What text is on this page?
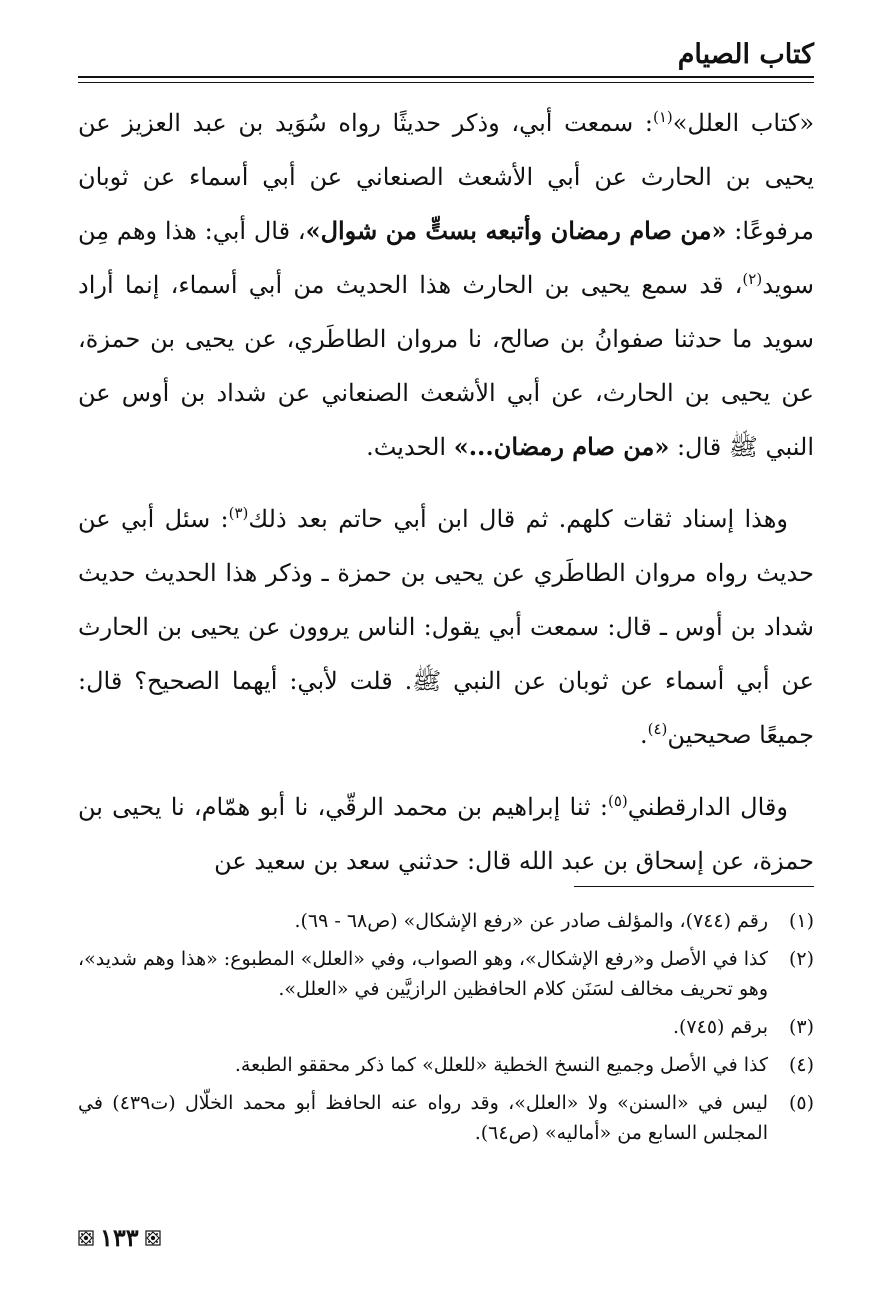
كتاب الصيام

«كتاب العلل»$^{(١)}$: سمعت أبي، وذكر حديثًا رواه سُوَيد بن عبد العزيز عن يحيى بن الحارث عن أبي الأشعث الصنعاني عن أبي أسماء عن ثوبان مرفوعًا: «من صام رمضان وأتبعه بستٍّ من شوال»، قال أبي: هذا وهم مِن سويد$^{(٢)}$، قد سمع يحيى بن الحارث هذا الحديث من أبي أسماء، إنما أراد سويد ما حدثنا صفوانُ بن صالح، نا مروان الطاطَري، عن يحيى بن حمزة، عن يحيى بن الحارث، عن أبي الأشعث الصنعاني عن شداد بن أوس عن النبي ﷺ قال: «من صام رمضان...» الحديث.

وهذا إسناد ثقات كلهم. ثم قال ابن أبي حاتم بعد ذلك$^{(٣)}$: سئل أبي عن حديث رواه مروان الطاطَري عن يحيى بن حمزة ـ وذكر هذا الحديث حديث شداد بن أوس ـ قال: سمعت أبي يقول: الناس يروون عن يحيى بن الحارث عن أبي أسماء عن ثوبان عن النبي ﷺ. قلت لأبي: أيهما الصحيح؟ قال: جميعًا صحيحين$^{(٤)}$.

وقال الدارقطني$^{(٥)}$: ثنا إبراهيم بن محمد الرقّي، نا أبو همّام، نا يحيى بن حمزة، عن إسحاق بن عبد الله قال: حدثني سعد بن سعيد عن

(١)
رقم (٧٤٤)، والمؤلف صادر عن «رفع الإشكال» (ص٦٨ - ٦٩).
(٢)
كذا في الأصل و«رفع الإشكال»، وهو الصواب، وفي «العلل» المطبوع: «هذا وهم شديد»، وهو تحريف مخالف لسَنَن كلام الحافظين الرازيَّين في «العلل».
(٣)
برقم (٧٤٥).
(٤)
كذا في الأصل وجميع النسخ الخطية «للعلل» كما ذكر محققو الطبعة.
(٥)
ليس في «السنن» ولا «العلل»، وقد رواه عنه الحافظ أبو محمد الخلّال (ت٤٣٩) في المجلس السابع من «أماليه» (ص٦٤).
١٣٣
